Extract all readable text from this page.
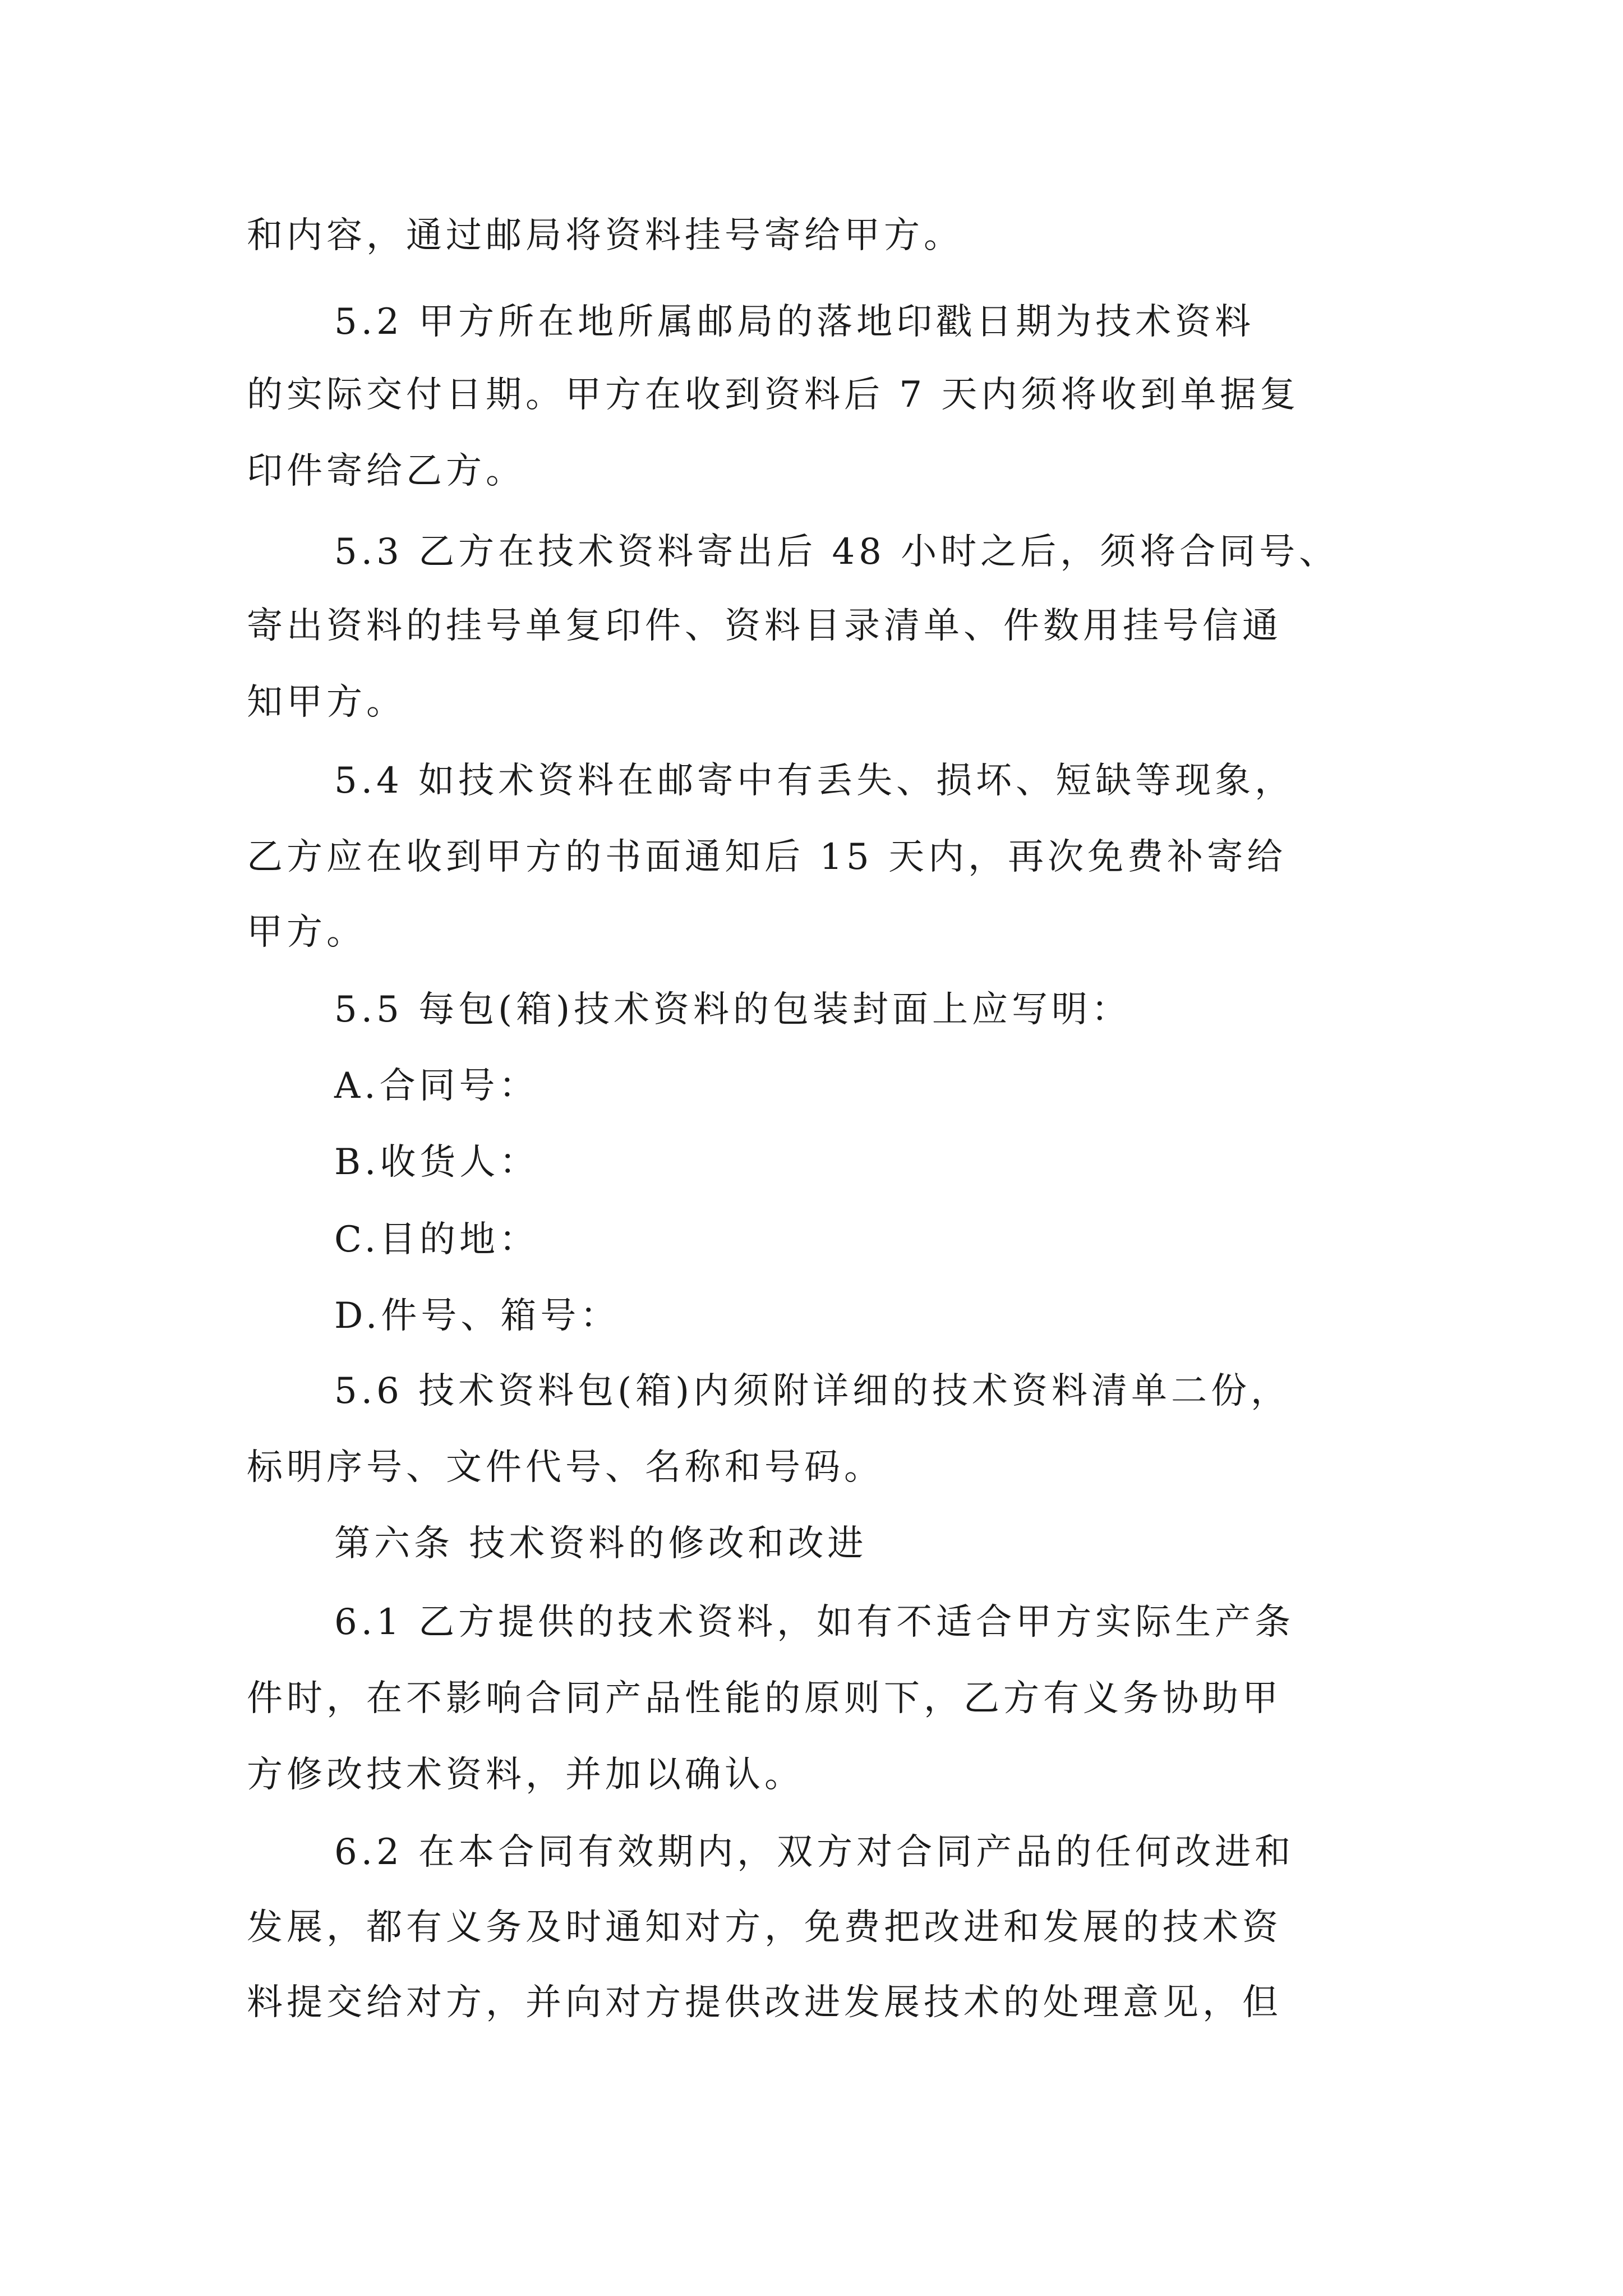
和内容，通过邮局将资料挂号寄给甲方。
5.2 甲方所在地所属邮局的落地印戳日期为技术资料
的实际交付日期。甲方在收到资料后 7 天内须将收到单据复
印件寄给乙方。
5.3 乙方在技术资料寄出后 48 小时之后，须将合同号、
寄出资料的挂号单复印件、资料目录清单、件数用挂号信通
知甲方。
5.4 如技术资料在邮寄中有丢失、损坏、短缺等现象，
乙方应在收到甲方的书面通知后 15 天内，再次免费补寄给
甲方。
5.5 每包(箱)技术资料的包装封面上应写明：
A.合同号：
B.收货人：
C.目的地：
D.件号、箱号：
5.6 技术资料包(箱)内须附详细的技术资料清单二份，
标明序号、文件代号、名称和号码。
第六条 技术资料的修改和改进
6.1 乙方提供的技术资料，如有不适合甲方实际生产条
件时，在不影响合同产品性能的原则下，乙方有义务协助甲
方修改技术资料，并加以确认。
6.2 在本合同有效期内，双方对合同产品的任何改进和
发展，都有义务及时通知对方，免费把改进和发展的技术资
料提交给对方，并向对方提供改进发展技术的处理意见，但
